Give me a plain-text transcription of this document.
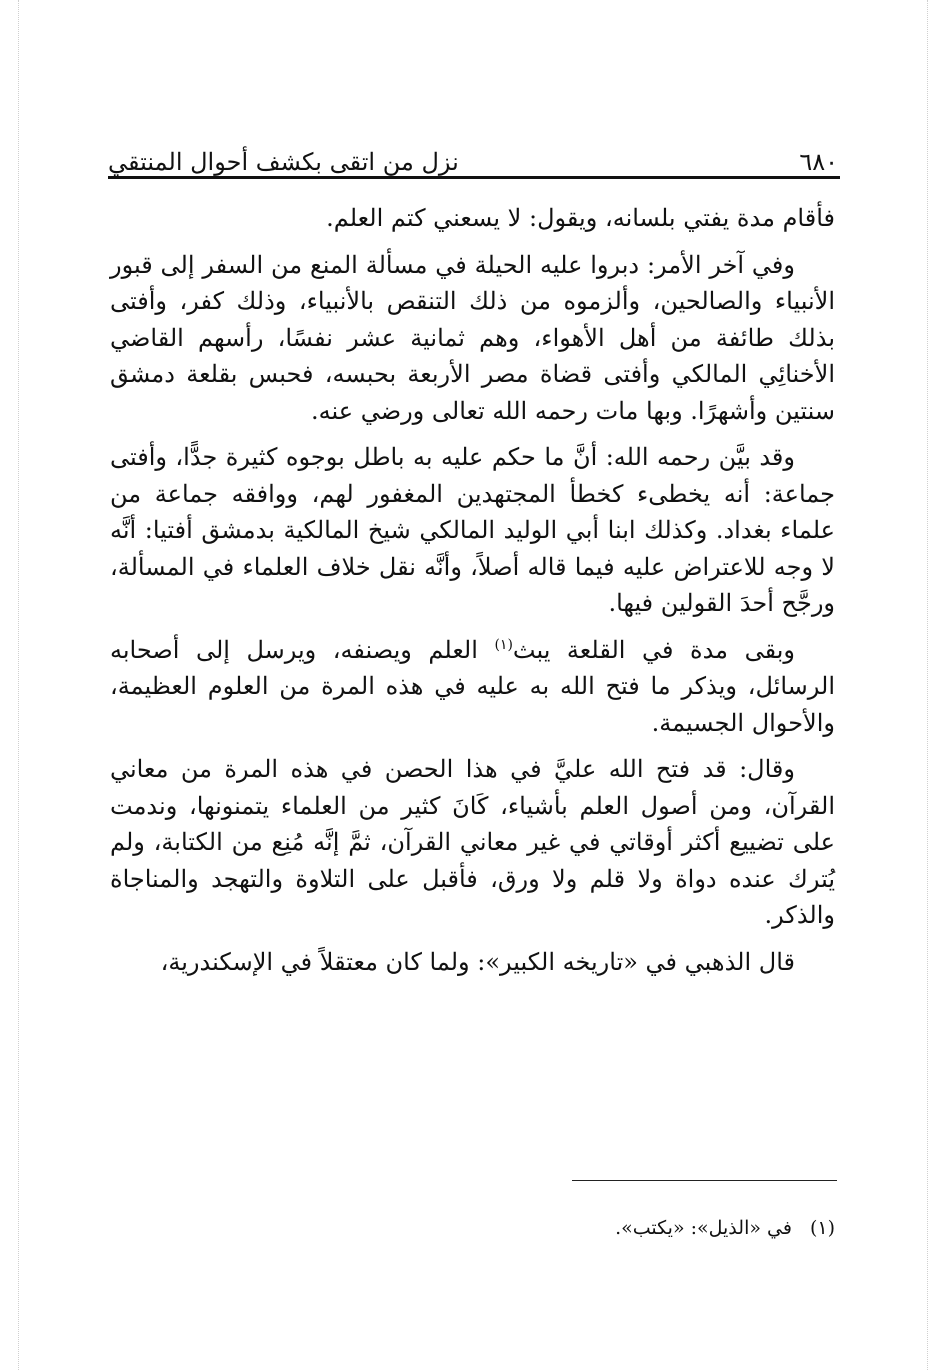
٦٨٠
نزل من اتقى بكشف أحوال المنتقي

فأقام مدة يفتي بلسانه، ويقول: لا يسعني كتم العلم.

وفي آخر الأمر: دبروا عليه الحيلة في مسألة المنع من السفر إلى قبور الأنبياء والصالحين، وألزموه من ذلك التنقص بالأنبياء، وذلك كفر، وأفتى بذلك طائفة من أهل الأهواء، وهم ثمانية عشر نفسًا، رأسهم القاضي الأخنائِي المالكي وأفتى قضاة مصر الأربعة بحبسه، فحبس بقلعة دمشق سنتين وأشهرًا. وبها مات رحمه الله تعالى ورضي عنه.

وقد بيَّن رحمه الله: أنَّ ما حكم عليه به باطل بوجوه كثيرة جدًّا، وأفتى جماعة: أنه يخطىء كخطأ المجتهدين المغفور لهم، ووافقه جماعة من علماء بغداد. وكذلك ابنا أبي الوليد المالكي شيخ المالكية بدمشق أفتيا: أنَّه لا وجه للاعتراض عليه فيما قاله أصلاً، وأنَّه نقل خلاف العلماء في المسألة، ورجَّح أحدَ القولين فيها.

وبقى مدة في القلعة يبث$^{(١)}$ العلم ويصنفه، ويرسل إلى أصحابه الرسائل، ويذكر ما فتح الله به عليه في هذه المرة من العلوم العظيمة، والأحوال الجسيمة.

وقال: قد فتح الله عليَّ في هذا الحصن في هذه المرة من معاني القرآن، ومن أصول العلم بأشياء، كَانَ كثير من العلماء يتمنونها، وندمت على تضييع أكثر أوقاتي في غير معاني القرآن، ثمَّ إنَّه مُنِع من الكتابة، ولم يُترك عنده دواة ولا قلم ولا ورق، فأقبل على التلاوة والتهجد والمناجاة والذكر.

قال الذهبي في «تاريخه الكبير»: ولما كان معتقلاً في الإسكندرية،

(١)في «الذيل»: «يكتب».
